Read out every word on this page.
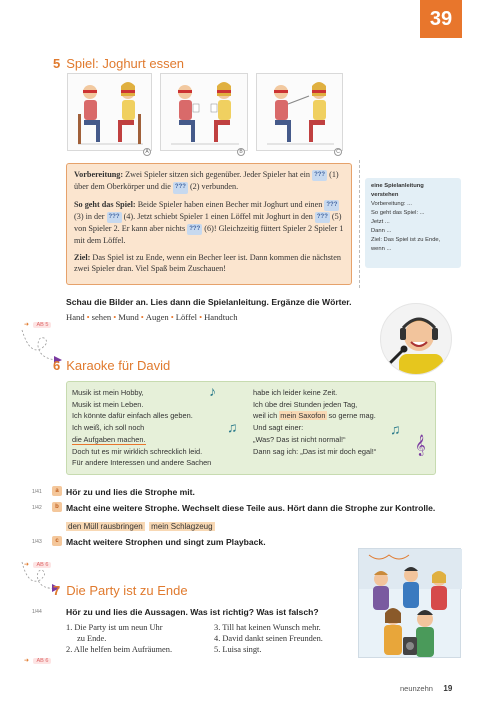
39
5 Spiel: Joghurt essen
A	B	C

Vorbereitung: Zwei Spieler sitzen sich gegenüber. Jeder Spieler hat ein ??? (1) über dem Oberkörper und die ??? (2) verbunden.

So geht das Spiel: Beide Spieler haben einen Becher mit Joghurt und einen ??? (3) in der ??? (4). Jetzt schiebt Spieler 1 einen Löffel mit Joghurt in den ??? (5) von Spieler 2. Er kann aber nichts ??? (6)! Gleichzeitig füttert Spieler 2 Spieler 1 mit dem Löffel.

Ziel: Das Spiel ist zu Ende, wenn ein Becher leer ist. Dann kommen die nächsten zwei Spieler dran. Viel Spaß beim Zuschauen!

eine Spielanleitung
verstehen
Vorbereitung: ...
So geht das Spiel: ...
Jetzt ...
Dann ...
Ziel: Das Spiel ist zu Ende,
wenn ...
Schau die Bilder an. Lies dann die Spielanleitung. Ergänze die Wörter.
➜ AB 5
Hand • sehen • Mund • Augen • Löffel • Handtuch
6 Karaoke für David
Musik ist mein Hobby,
Musik ist mein Leben.
Ich könnte dafür einfach alles geben.
Ich weiß, ich soll noch
die Aufgaben machen.
Doch tut es mir wirklich schrecklich leid.
Für andere Interessen und andere Sachen
habe ich leider keine Zeit.
Ich übe drei Stunden jeden Tag,
weil ich mein Saxofon so gerne mag.
Und sagt einer:
„Was? Das ist nicht normal!“
Dann sag ich: „Das ist mir doch egal!“
♪
♫	♫
𝄞
1/41	a Hör zu und lies die Strophe mit.
1/42	b Macht eine weitere Strophe. Wechselt diese Teile aus. Hört dann die Strophe zur Kontrolle.
den Müll rausbringen mein Schlagzeug
1/43	c Macht weitere Strophen und singt zum Playback.
➜ AB 6
7 Die Party ist zu Ende
1/44	Hör zu und lies die Aussagen. Was ist richtig? Was ist falsch?
1. Die Party ist um neun Uhr
zu Ende.
2. Alle helfen beim Aufräumen.
3. Till hat keinen Wunsch mehr.
4. David dankt seinen Freunden.
5. Luisa singt.
➜ AB 6
neunzehn 19
